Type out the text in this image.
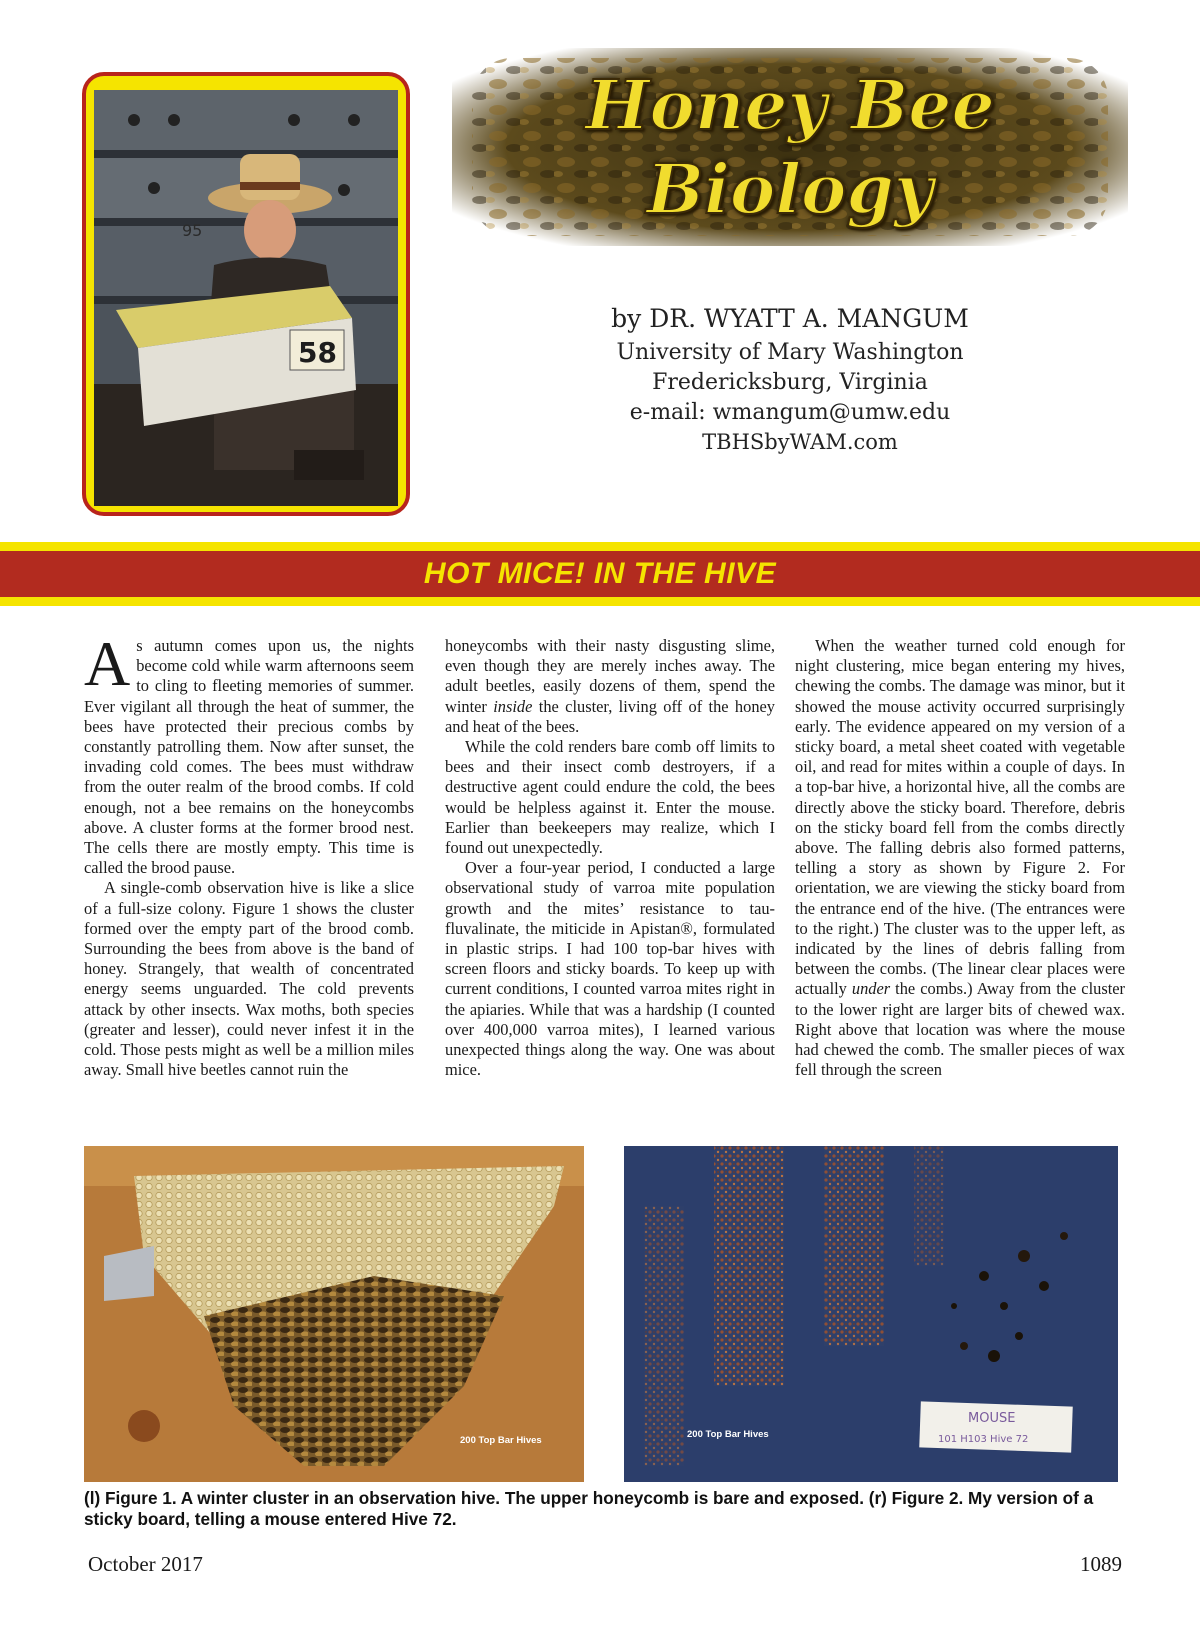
95
58
Honey Bee
Biology
by DR. WYATT A. MANGUM
University of Mary Washington
Fredericksburg, Virginia
e-mail: wmangum@umw.edu
TBHSbyWAM.com
HOT MICE! IN THE HIVE

As autumn comes upon us, the nights become cold while warm afternoons seem to cling to fleeting memories of summer. Ever vigilant all through the heat of summer, the bees have protected their precious combs by constantly patrolling them. Now after sunset, the invading cold comes. The bees must withdraw from the outer realm of the brood combs. If cold enough, not a bee remains on the honeycombs above. A cluster forms at the former brood nest. The cells there are mostly empty. This time is called the brood pause.

A single-comb observation hive is like a slice of a full-size colony. Figure 1 shows the cluster formed over the empty part of the brood comb. Surrounding the bees from above is the band of honey. Strangely, that wealth of concentrated energy seems unguarded. The cold prevents attack by other insects. Wax moths, both species (greater and lesser), could never infest it in the cold. Those pests might as well be a million miles away. Small hive beetles cannot ruin the

honeycombs with their nasty disgusting slime, even though they are merely inches away. The adult beetles, easily dozens of them, spend the winter inside the cluster, living off of the honey and heat of the bees.

While the cold renders bare comb off limits to bees and their insect comb destroyers, if a destructive agent could endure the cold, the bees would be helpless against it. Enter the mouse. Earlier than beekeepers may realize, which I found out unexpectedly.

Over a four-year period, I conducted a large observational study of varroa mite population growth and the mites’ resistance to tau-fluvalinate, the miticide in Apistan®, formulated in plastic strips. I had 100 top-bar hives with screen floors and sticky boards. To keep up with current conditions, I counted varroa mites right in the apiaries. While that was a hardship (I counted over 400,000 varroa mites), I learned various unexpected things along the way. One was about mice.

When the weather turned cold enough for night clustering, mice began entering my hives, chewing the combs. The damage was minor, but it showed the mouse activity occurred surprisingly early. The evidence appeared on my version of a sticky board, a metal sheet coated with vegetable oil, and read for mites within a couple of days. In a top-bar hive, a horizontal hive, all the combs are directly above the sticky board. Therefore, debris on the sticky board fell from the combs directly above. The falling debris also formed patterns, telling a story as shown by Figure 2. For orientation, we are viewing the sticky board from the entrance end of the hive. (The entrances were to the right.) The cluster was to the upper left, as indicated by the lines of debris falling from between the combs. (The linear clear places were actually under the combs.) Away from the cluster to the lower right are larger bits of chewed wax. Right above that location was where the mouse had chewed the comb. The smaller pieces of wax fell through the screen

200 Top Bar Hives
MOUSE
101 H103 Hive 72
200 Top Bar Hives
(l) Figure 1. A winter cluster in an observation hive. The upper honeycomb is bare and exposed. (r) Figure 2. My version of a sticky board, telling a mouse entered Hive 72.
October 2017	1089
